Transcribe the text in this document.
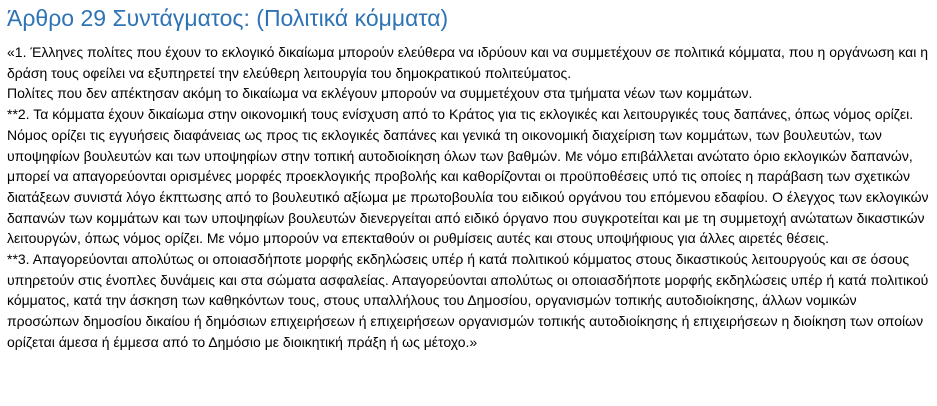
Άρθρο 29 Συντάγματος: (Πολιτικά κόμματα)

«1. Έλληνες πολίτες που έχουν το εκλογικό δικαίωμα μπορούν ελεύθερα να ιδρύουν και να συμμετέχουν σε πολιτικά κόμματα, που η οργάνωση και η δράση τους οφείλει να εξυπηρετεί την ελεύθερη λειτουργία του δημοκρατικού πολιτεύματος.

Πολίτες που δεν απέκτησαν ακόμη το δικαίωμα να εκλέγουν μπορούν να συμμετέχουν στα τμήματα νέων των κομμάτων.

**2. Τα κόμματα έχουν δικαίωμα στην οικονομική τους ενίσχυση από το Κράτος για τις εκλογικές και λειτουργικές τους δαπάνες, όπως νόμος ορίζει. Νόμος ορίζει τις εγγυήσεις διαφάνειας ως προς τις εκλογικές δαπάνες και γενικά τη οικονομική διαχείριση των κομμάτων, των βουλευτών, των υποψηφίων βουλευτών και των υποψηφίων στην τοπική αυτοδιοίκηση όλων των βαθμών. Με νόμο επιβάλλεται ανώτατο όριο εκλογικών δαπανών, μπορεί να απαγορεύονται ορισμένες μορφές προεκλογικής προβολής και καθορίζονται οι προϋποθέσεις υπό τις οποίες η παράβαση των σχετικών διατάξεων συνιστά λόγο έκπτωσης από το βουλευτικό αξίωμα με πρωτοβουλία του ειδικού οργάνου του επόμενου εδαφίου. Ο έλεγχος των εκλογικών δαπανών των κομμάτων και των υποψηφίων βουλευτών διενεργείται από ειδικό όργανο που συγκροτείται και με τη συμμετοχή ανώτατων δικαστικών λειτουργών, όπως νόμος ορίζει. Με νόμο μπορούν να επεκταθούν οι ρυθμίσεις αυτές και στους υποψήφιους για άλλες αιρετές θέσεις.

**3. Απαγορεύονται απολύτως οι οποιασδήποτε μορφής εκδηλώσεις υπέρ ή κατά πολιτικού κόμματος στους δικαστικούς λειτουργούς και σε όσους υπηρετούν στις ένοπλες δυνάμεις και στα σώματα ασφαλείας. Απαγορεύονται απολύτως οι οποιασδήποτε μορφής εκδηλώσεις υπέρ ή κατά πολιτικού κόμματος, κατά την άσκηση των καθηκόντων τους, στους υπαλλήλους του Δημοσίου, οργανισμών τοπικής αυτοδιοίκησης, άλλων νομικών προσώπων δημοσίου δικαίου ή δημόσιων επιχειρήσεων ή επιχειρήσεων οργανισμών τοπικής αυτοδιοίκησης ή επιχειρήσεων η διοίκηση των οποίων ορίζεται άμεσα ή έμμεσα από το Δημόσιο με διοικητική πράξη ή ως μέτοχο.»
